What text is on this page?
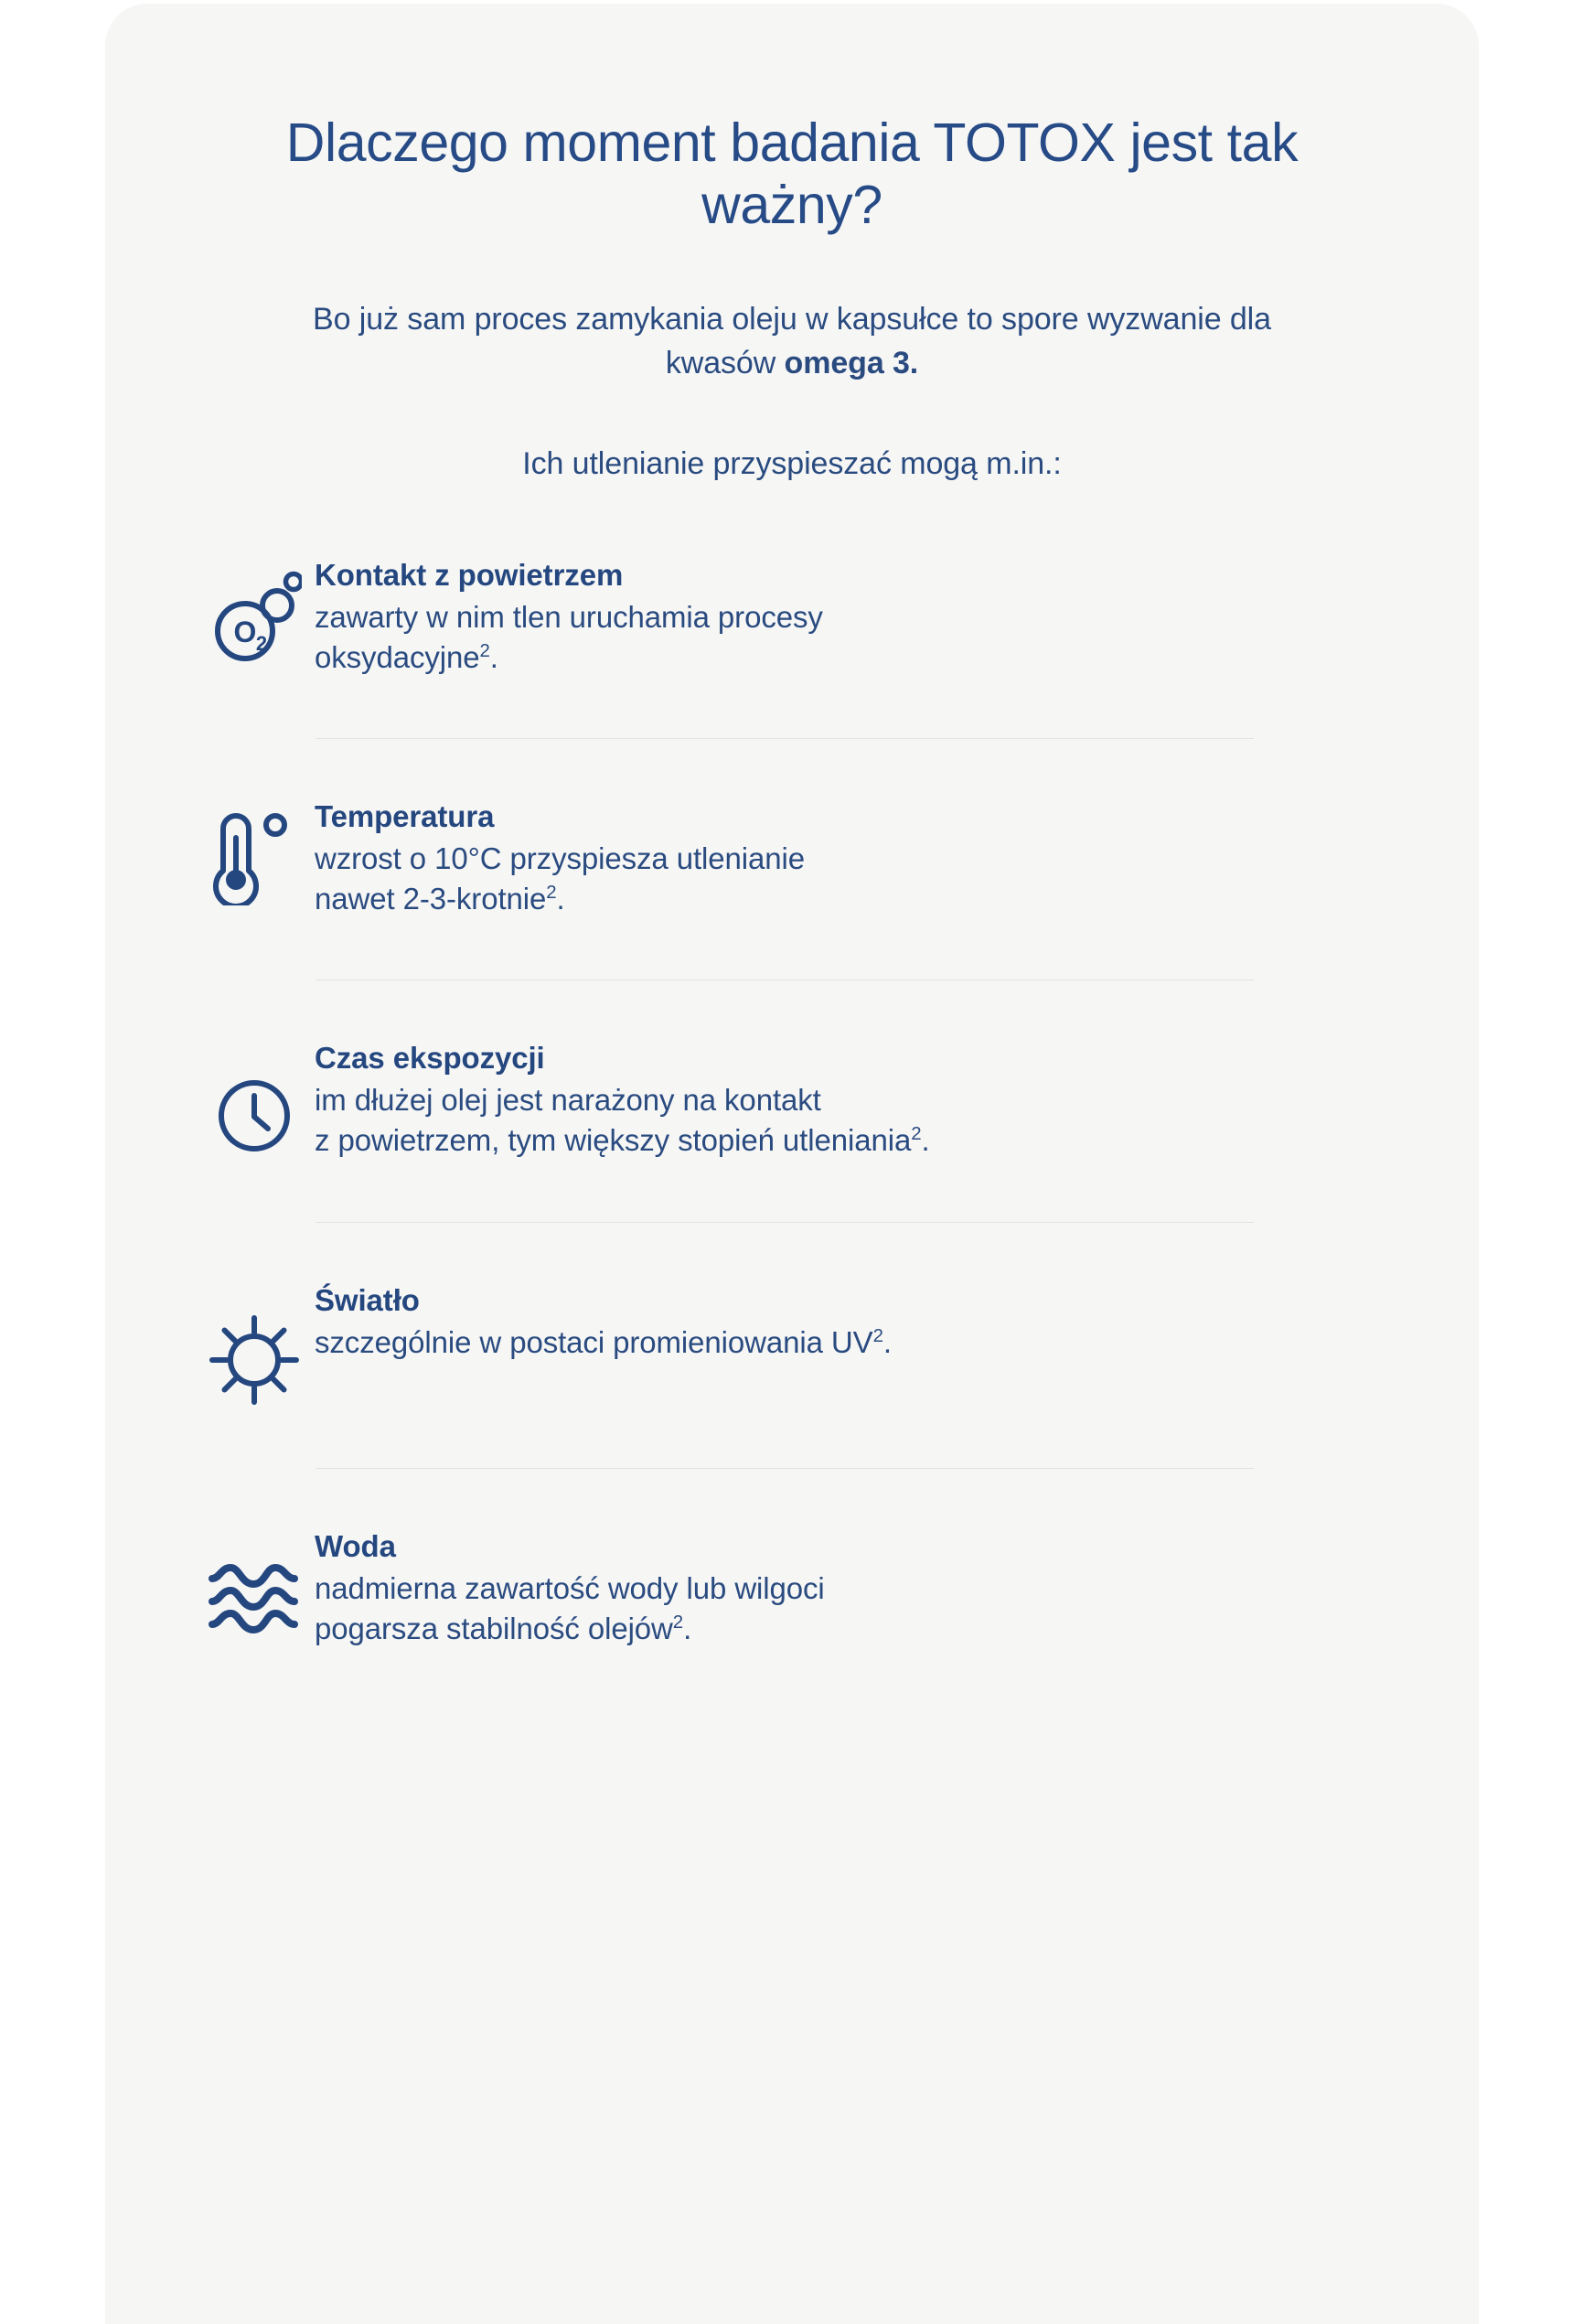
Dlaczego moment badania TOTOX jest tak ważny?

Bo już sam proces zamykania oleju w kapsułce to spore wyzwanie dla kwasów omega 3.

Ich utlenianie przyspieszać mogą m.in.:

O 2
Kontakt z powietrzem
zawarty w nim tlen uruchamia procesy
oksydacyjne$^2$.
Temperatura
wzrost o 10°C przyspiesza utlenianie
nawet 2-3-krotnie$^2$.
Czas ekspozycji
im dłużej olej jest narażony na kontakt
z powietrzem, tym większy stopień utleniania$^2$.
Światło
szczególnie w postaci promieniowania $UV^2$.
Woda
nadmierna zawartość wody lub wilgoci
pogarsza stabilność olejów$^2$.
